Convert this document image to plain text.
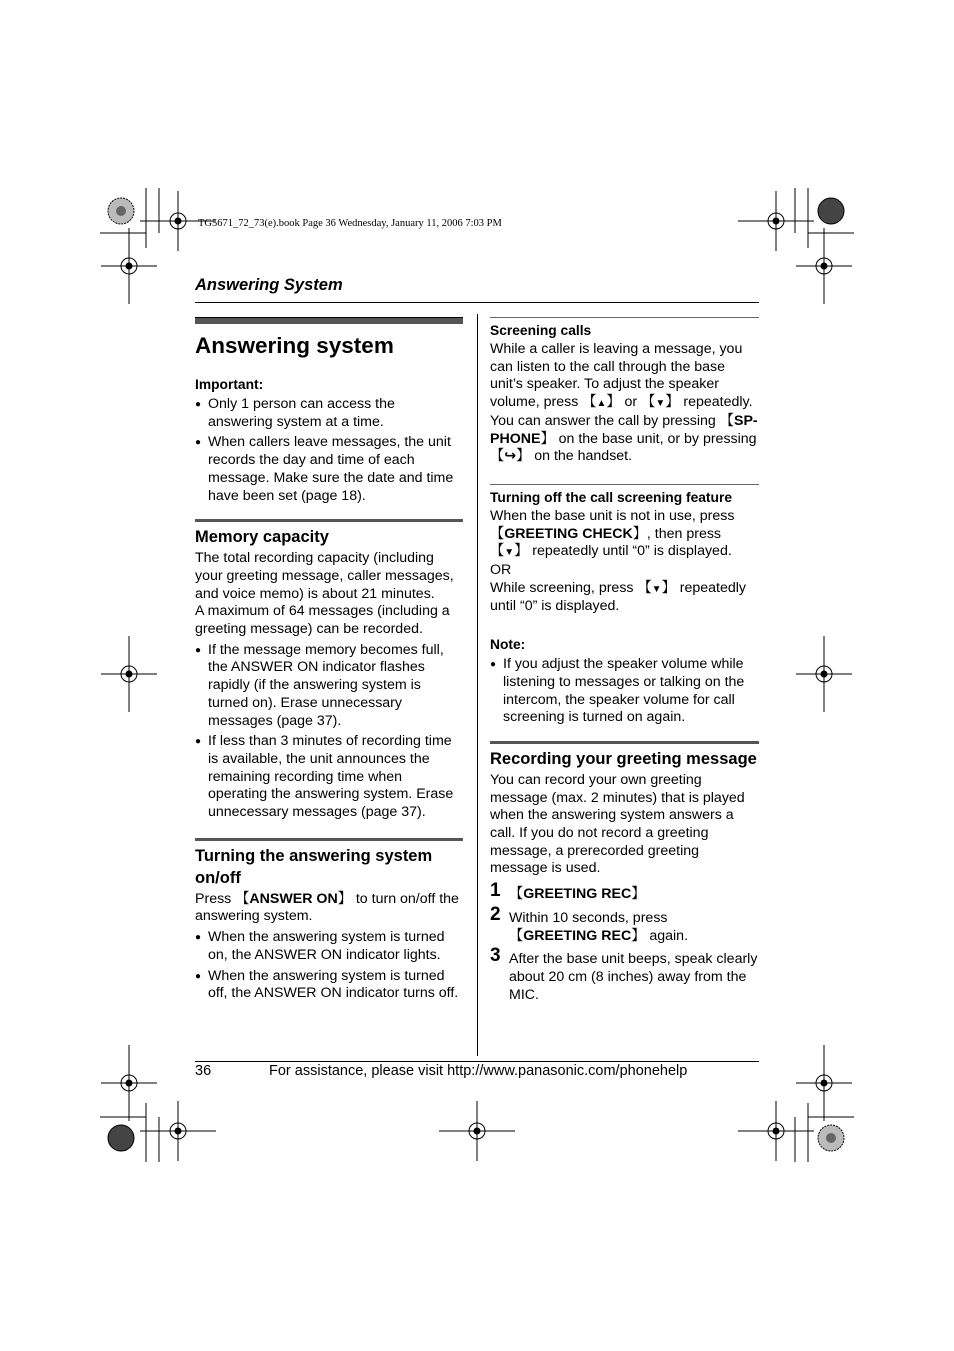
TG5671_72_73(e).book Page 36 Wednesday, January 11, 2006 7:03 PM
Answering System
Answering system
Important:
● Only 1 person can access the answering system at a time.
● When callers leave messages, the unit records the day and time of each message. Make sure the date and time have been set (page 18).
Memory capacity

The total recording capacity (including your greeting message, caller messages, and voice memo) is about 21 minutes.

A maximum of 64 messages (including a greeting message) can be recorded.

● If the message memory becomes full, the ANSWER ON indicator flashes rapidly (if the answering system is turned on). Erase unnecessary messages (page 37).
● If less than 3 minutes of recording time is available, the unit announces the remaining recording time when operating the answering system. Erase unnecessary messages (page 37).
Turning the answering system on/off

Press 【ANSWER ON】 to turn on/off the answering system.

● When the answering system is turned on, the ANSWER ON indicator lights.
● When the answering system is turned off, the ANSWER ON indicator turns off.
Screening calls

While a caller is leaving a message, you can listen to the call through the base unit’s speaker. To adjust the speaker volume, press 【▲】 or 【▼】 repeatedly.

You can answer the call by pressing 【SP-PHONE】 on the base unit, or by pressing 【↪】 on the handset.

Turning off the call screening feature

When the base unit is not in use, press 【GREETING CHECK】, then press 【▼】 repeatedly until “0” is displayed.

OR

While screening, press 【▼】 repeatedly until “0” is displayed.

Note:
● If you adjust the speaker volume while listening to messages or talking on the intercom, the speaker volume for call screening is turned on again.
Recording your greeting message

You can record your own greeting message (max. 2 minutes) that is played when the answering system answers a call. If you do not record a greeting message, a prerecorded greeting message is used.

1 【GREETING REC】
2 Within 10 seconds, press 【GREETING REC】 again.
3 After the base unit beeps, speak clearly about 20 cm (8 inches) away from the MIC.
36	For assistance, please visit http://www.panasonic.com/phonehelp
